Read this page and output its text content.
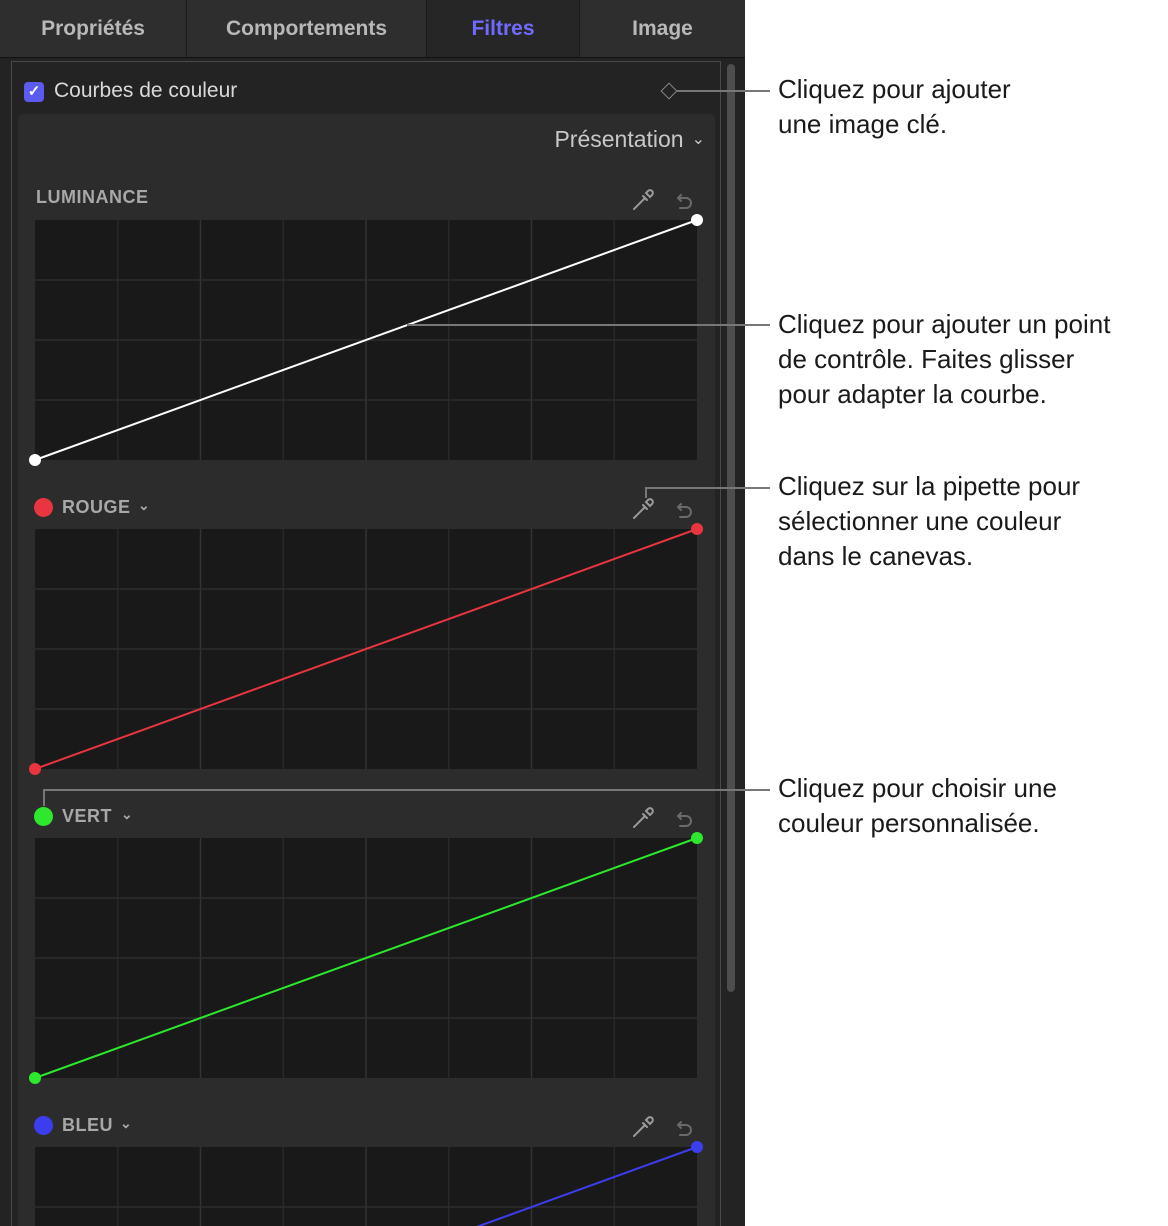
Propriétés	Comportements	Filtres	Image
✓ Courbes de couleur
Présentation ⌄
LUMINANCE
ROUGE ⌄
VERT ⌄
BLEU ⌄
Cliquez pour ajouter
une image clé.
Cliquez pour ajouter un point
de contrôle. Faites glisser
pour adapter la courbe.
Cliquez sur la pipette pour
sélectionner une couleur
dans le canevas.
Cliquez pour choisir une
couleur personnalisée.
